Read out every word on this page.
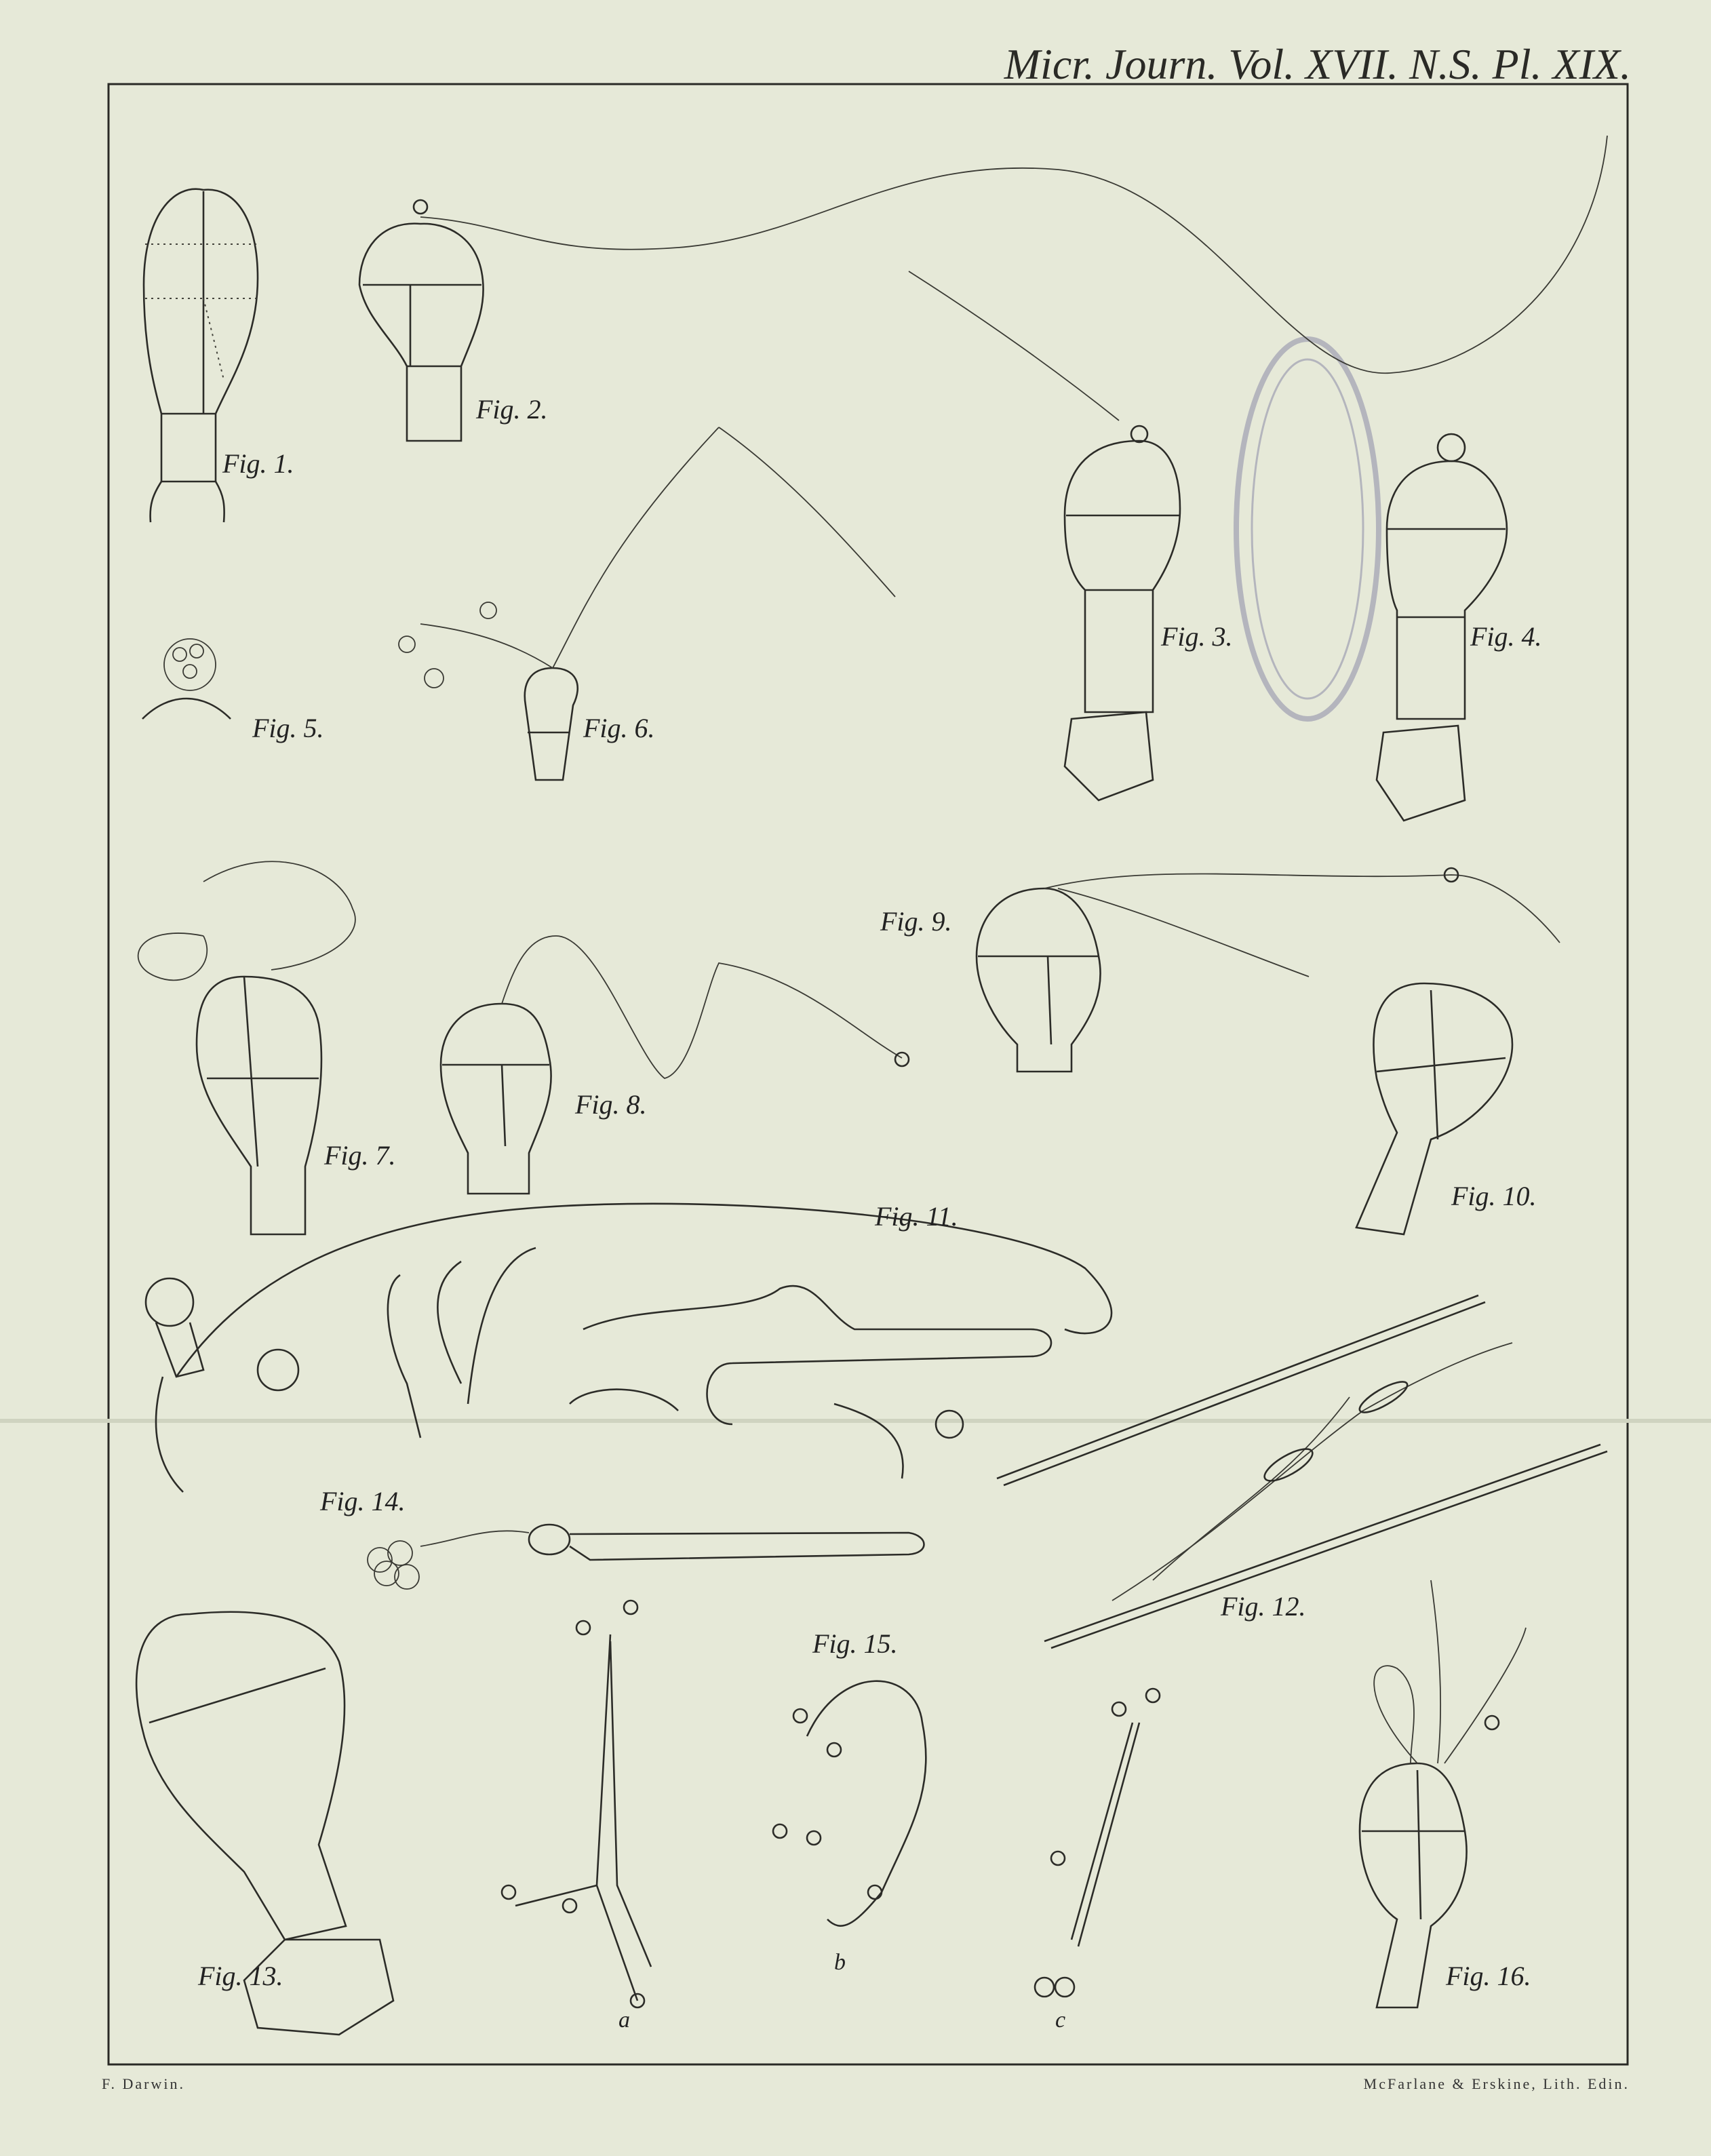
Micr. Journ. Vol. XVII. N.S. Pl. XIX.
Fig. 1.
Fig. 2.
Fig. 3.	Fig. 4.
Fig. 5.	Fig. 6.
Fig. 7.
Fig. 8.
Fig. 9.
Fig. 10.
Fig. 11.
Fig. 12.
Fig. 13.
Fig. 14.
Fig. 15.
Fig. 16.
a
b
c
F. Darwin.	McFarlane & Erskine, Lith. Edin.
